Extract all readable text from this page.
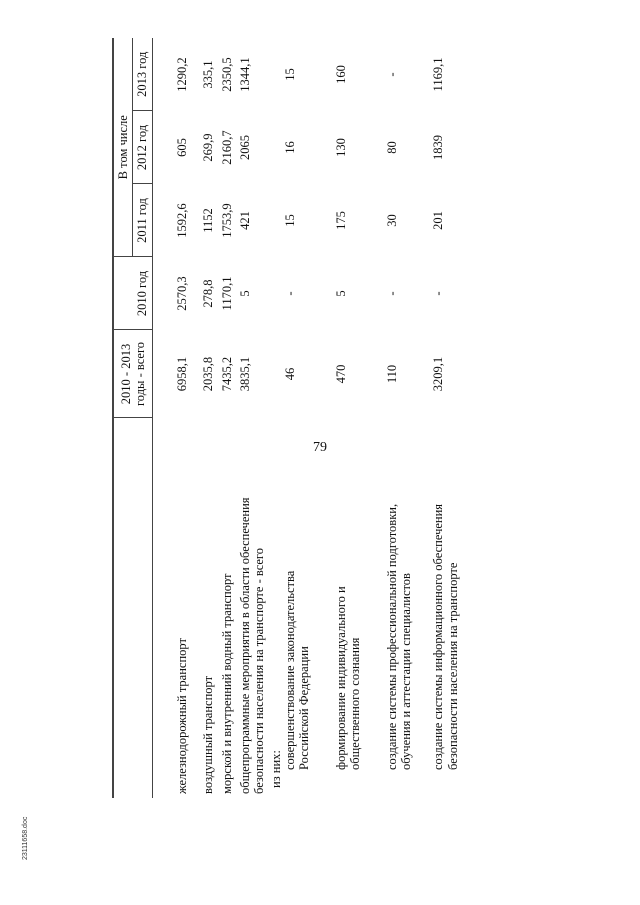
79
23111658.doc

	2010 - 2013 годы - всего		В том числе		
		2010 год	2011 год	2012 год	2013 год
железнодорожный транспорт	6958,1	2570,3	1592,6	605	1290,2
воздушный транспорт	2035,8	278,8	1152	269,9	335,1
морской и внутренний водный транспорт	7435,2	1170,1	1753,9	2160,7	2350,5
общепрограммные мероприятия в области обеспечения безопасности населения на транспорте - всего	3835,1	5	421	2065	1344,1
из них:					
совершенствование законодательства Российской Федерации	46	-	15	16	15
формирование индивидуального и общественного сознания	470	5	175	130	160
создание системы профессиональной подготовки, обучения и аттестации специалистов	110	-	30	80	-
создание системы информационного обеспечения безопасности населения на транспорте	3209,1	-	201	1839	1169,1
